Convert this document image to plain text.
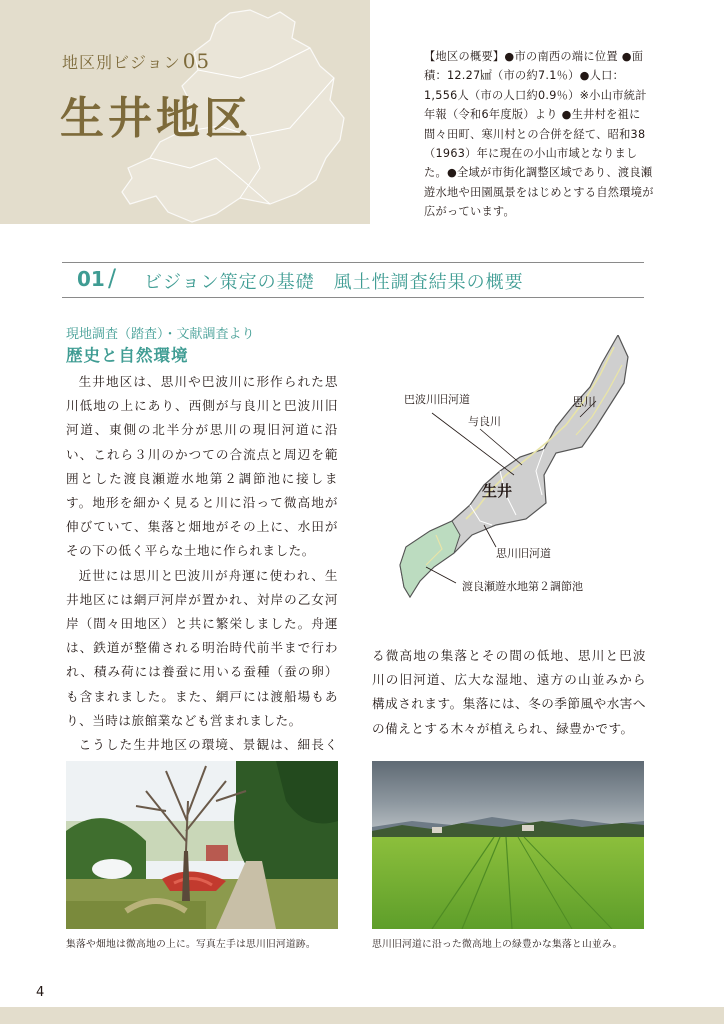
地区別ビジョン 05
生井地区
【地区の概要】●市の南西の端に位置 ●面積：12.27㎢（市の約7.1％）●人口：1,556人（市の人口約0.9％）※小山市統計年報（令和6年度版）より ●生井村を祖に間々田町、寒川村との合併を経て、昭和38（1963）年に現在の小山市域となりました。●全域が市街化調整区域であり、渡良瀬遊水地や田園風景をはじめとする自然環境が広がっています。
01 / ビジョン策定の基礎　風土性調査結果の概要
現地調査（踏査）・文献調査より
歴史と自然環境

生井地区は、思川や巴波川に形作られた思川低地の上にあり、西側が与良川と巴波川旧河道、東側の北半分が思川の現旧河道に沿い、これら３川のかつての合流点と周辺を範囲とした渡良瀬遊水地第２調節池に接します。地形を細かく見ると川に沿って微高地が伸びていて、集落と畑地がその上に、水田がその下の低く平らな土地に作られました。

近世には思川と巴波川が舟運に使われ、生井地区には網戸河岸が置かれ、対岸の乙女河岸（間々田地区）と共に繁栄しました。舟運は、鉄道が整備される明治時代前半まで行われ、積み荷には養蚕に用いる蚕種（蚕の卵）も含まれました。また、網戸には渡船場もあり、当時は旅館業なども営まれました。

こうした生井地区の環境、景観は、細長く

巴波川旧河道
与良川
思川
生井
思川旧河道
渡良瀬遊水地第２調節池

る微高地の集落とその間の低地、思川と巴波川の旧河道、広大な湿地、遠方の山並みから構成されます。集落には、冬の季節風や水害への備えとする木々が植えられ、緑豊かです。

集落や畑地は微高地の上に。写真左手は思川旧河道跡。	思川旧河道に沿った微高地上の緑豊かな集落と山並み。
4
